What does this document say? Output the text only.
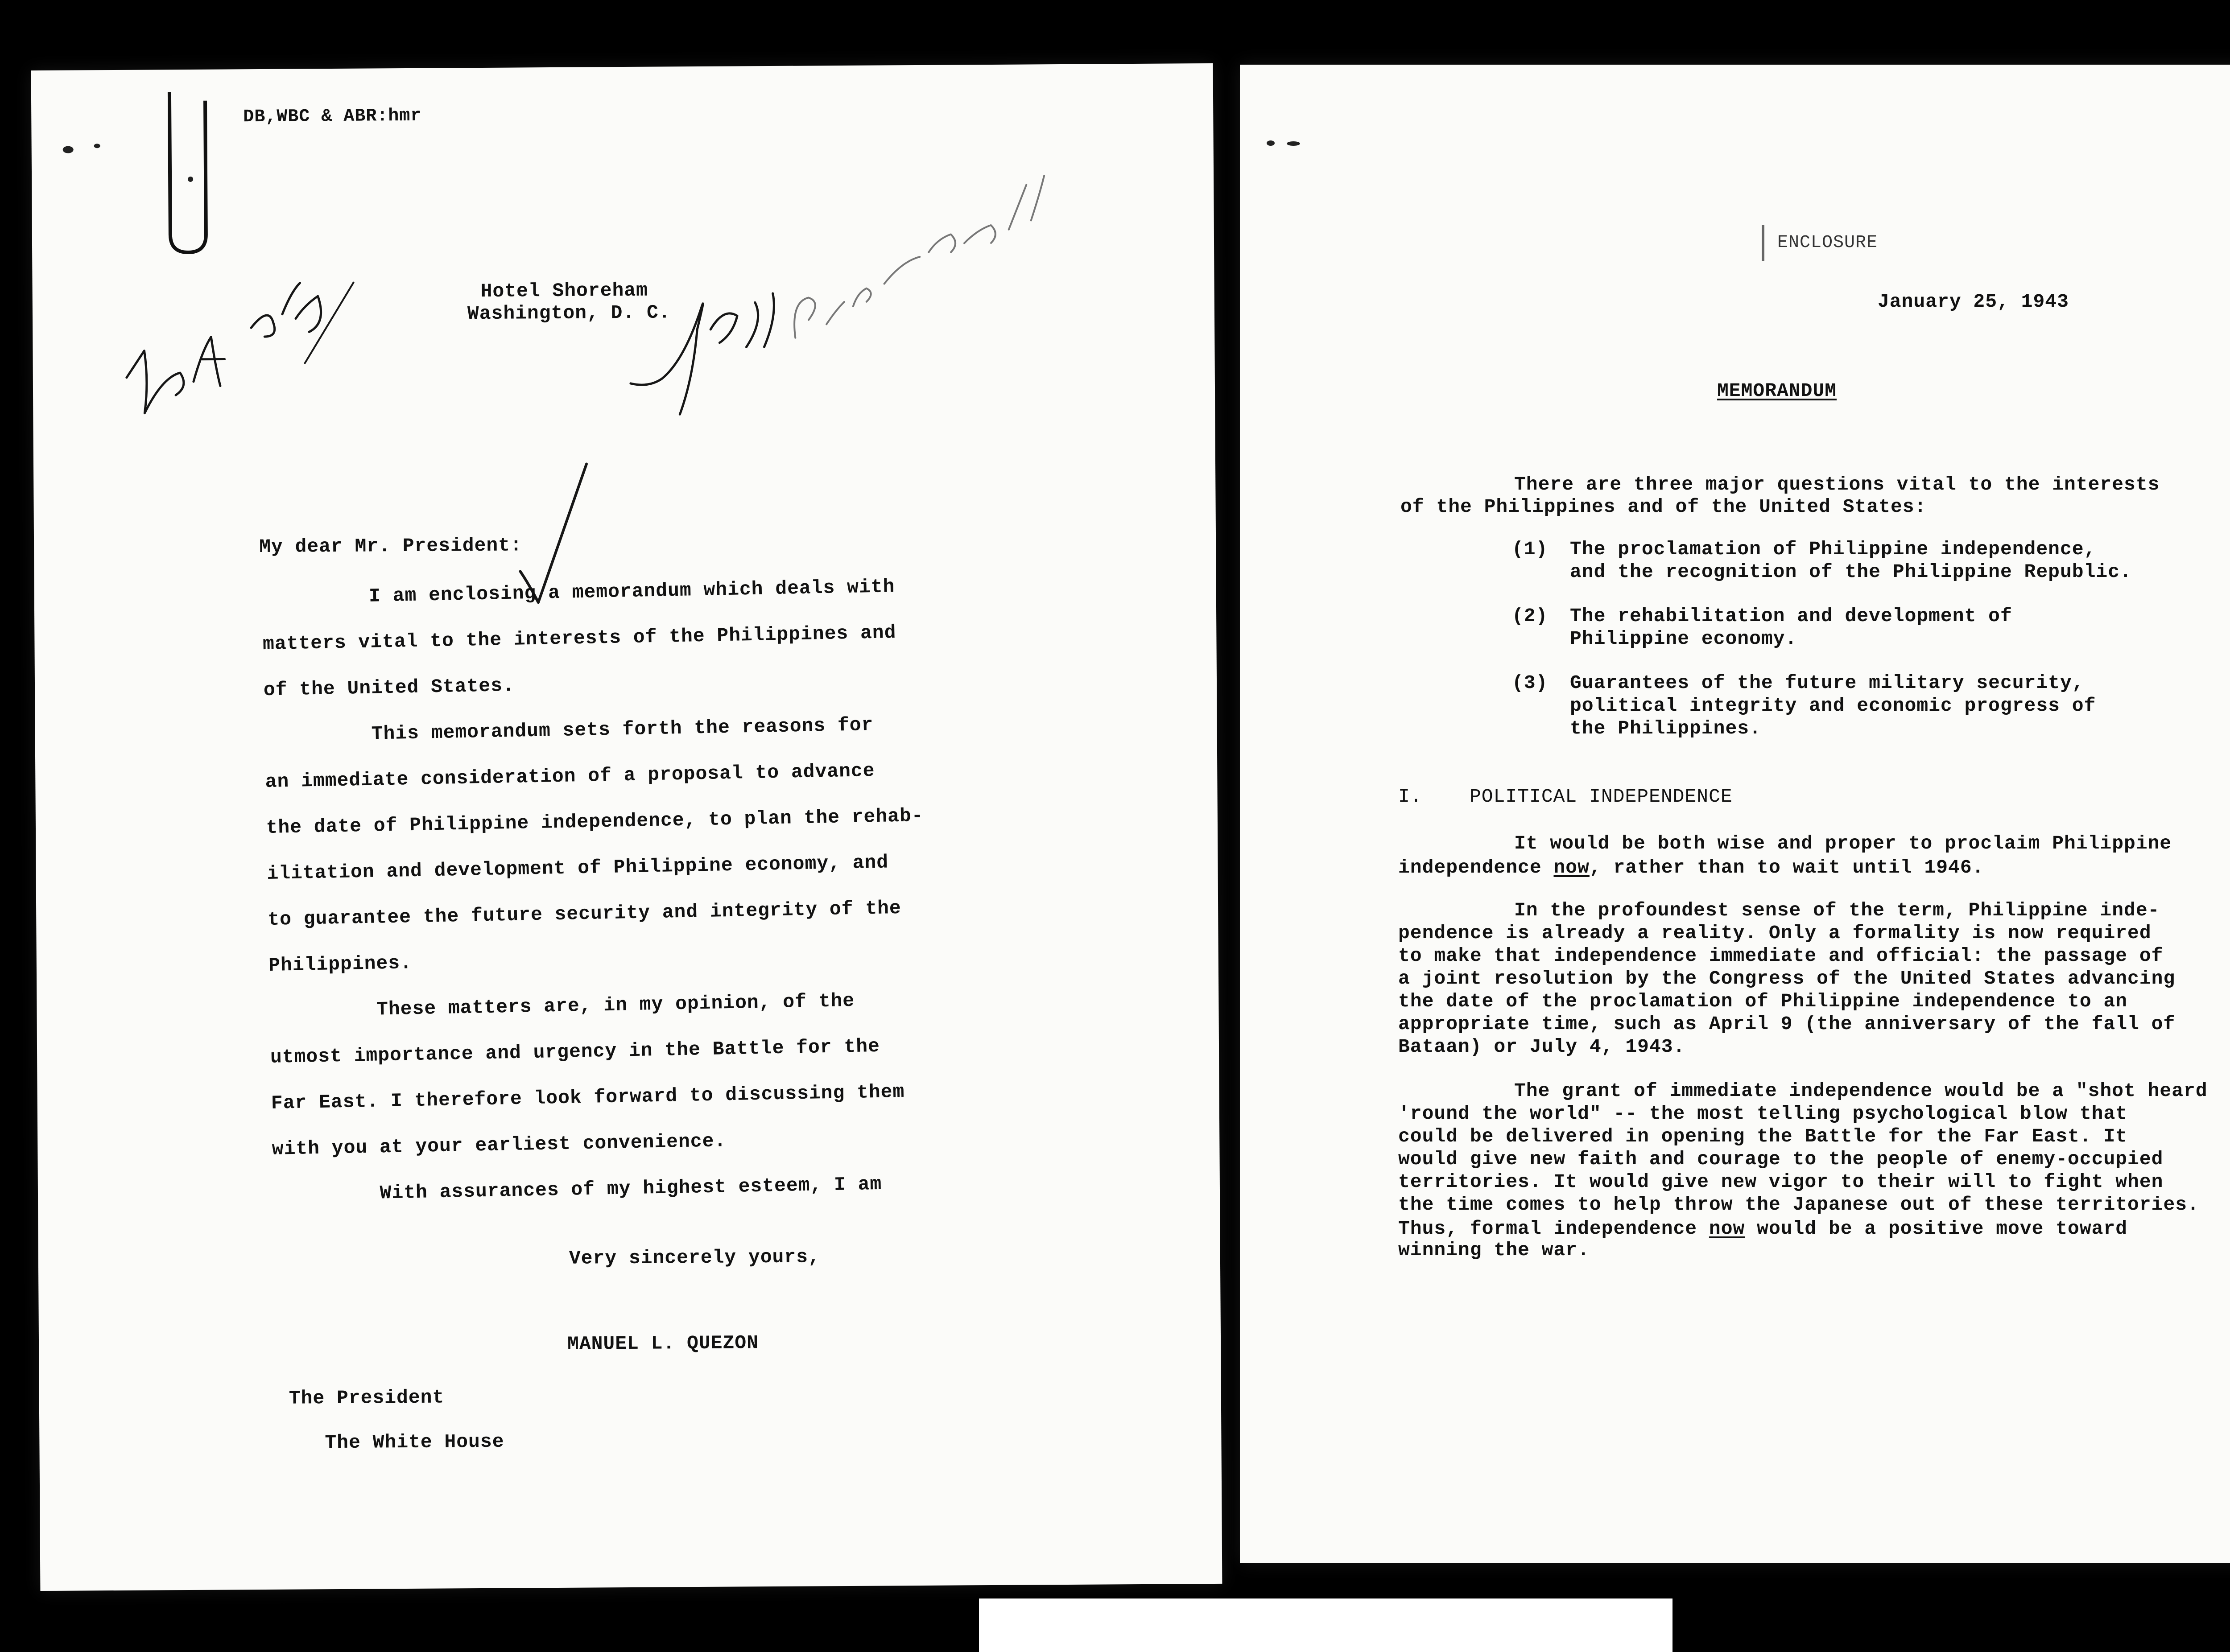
DB,WBC & ABR:hmr
Hotel Shoreham
Washington, D. C.
My dear Mr. President:
I am enclosing a memorandum which deals with
matters vital to the interests of the Philippines and
of the United States.
This memorandum sets forth the reasons for
an immediate consideration of a proposal to advance
the date of Philippine independence, to plan the rehab-
ilitation and development of Philippine economy, and
to guarantee the future security and integrity of the
Philippines.
These matters are, in my opinion, of the
utmost importance and urgency in the Battle for the
Far East. I therefore look forward to discussing them
with you at your earliest convenience.
With assurances of my highest esteem, I am
Very sincerely yours,
MANUEL L. QUEZON
The President
The White House
ENCLOSURE
January 25, 1943
MEMORANDUM
There are three major questions vital to the interests
of the Philippines and of the United States:
(1) The proclamation of Philippine independence,
and the recognition of the Philippine Republic.
(2) The rehabilitation and development of
Philippine economy.
(3) Guarantees of the future military security,
political integrity and economic progress of
the Philippines.
I. POLITICAL INDEPENDENCE
It would be both wise and proper to proclaim Philippine
independence now, rather than to wait until 1946.
In the profoundest sense of the term, Philippine inde-
pendence is already a reality. Only a formality is now required
to make that independence immediate and official: the passage of
a joint resolution by the Congress of the United States advancing
the date of the proclamation of Philippine independence to an
appropriate time, such as April 9 (the anniversary of the fall of
Bataan) or July 4, 1943.
The grant of immediate independence would be a "shot heard
'round the world" -- the most telling psychological blow that
could be delivered in opening the Battle for the Far East. It
would give new faith and courage to the people of enemy-occupied
territories. It would give new vigor to their will to fight when
the time comes to help throw the Japanese out of these territories.
Thus, formal independence now would be a positive move toward
winning the war.
